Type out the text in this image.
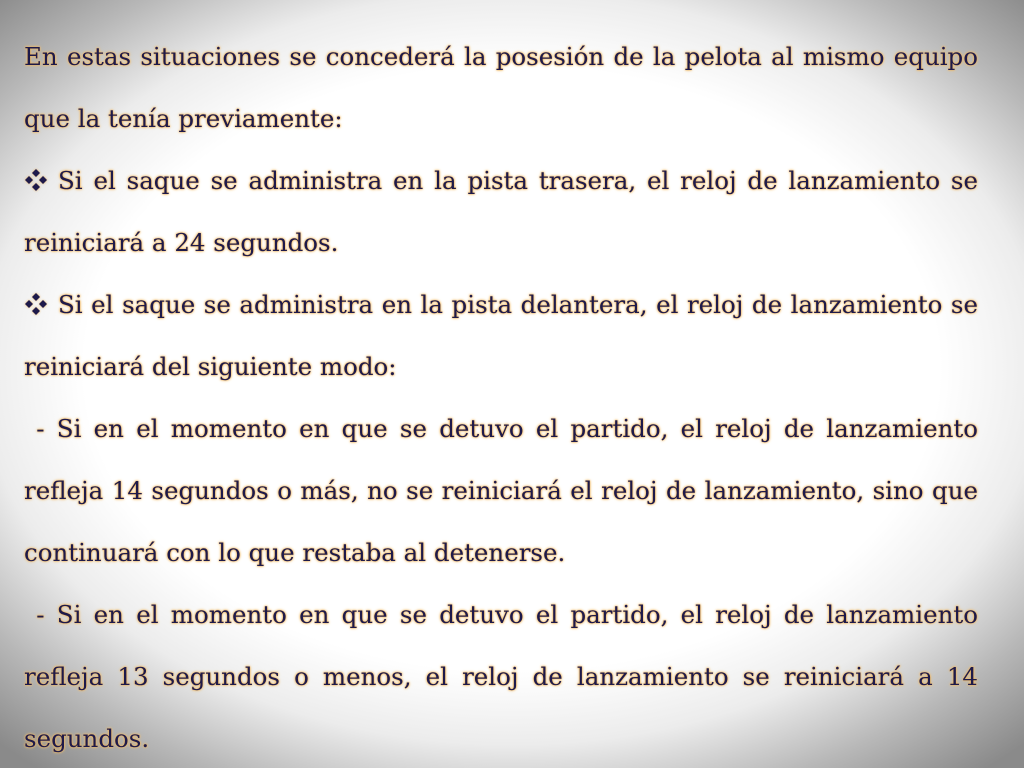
En estas situaciones se concederá la posesión de la pelota al mismo equipo que la tenía previamente:

Si el saque se administra en la pista trasera, el reloj de lanzamiento se reiniciará a 24 segundos.

Si el saque se administra en la pista delantera, el reloj de lanzamiento se reiniciará del siguiente modo:

- Si en el momento en que se detuvo el partido, el reloj de lanzamiento refleja 14 segundos o más, no se reiniciará el reloj de lanzamiento, sino que continuará con lo que restaba al detenerse.

- Si en el momento en que se detuvo el partido, el reloj de lanzamiento refleja 13 segundos o menos, el reloj de lanzamiento se reiniciará a 14 segundos.
